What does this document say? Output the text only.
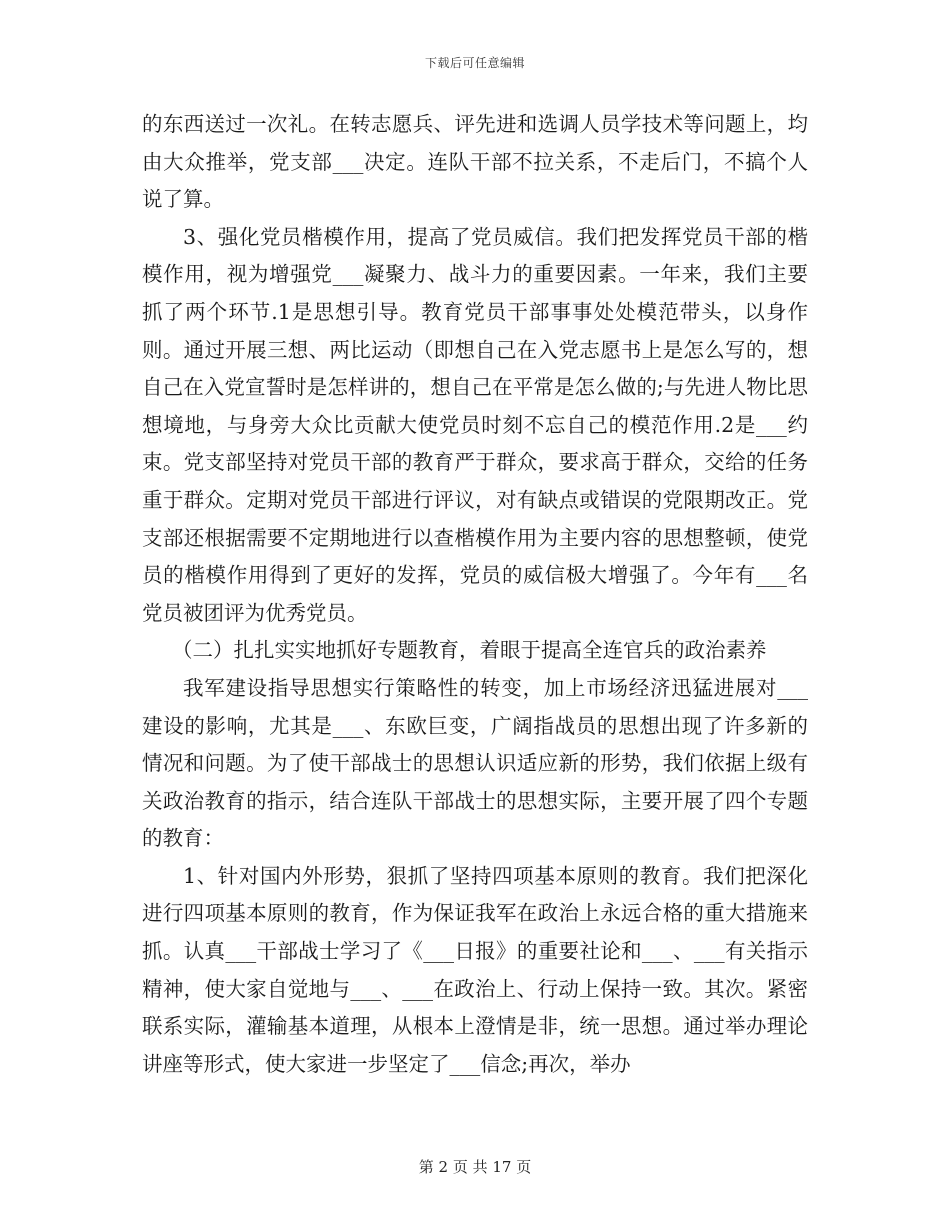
下载后可任意编辑

的东西送过一次礼。在转志愿兵、评先进和选调人员学技术等问题上，均由大众推举，党支部___决定。连队干部不拉关系，不走后门，不搞个人说了算。

3、强化党员楷模作用，提高了党员威信。我们把发挥党员干部的楷模作用，视为增强党___凝聚力、战斗力的重要因素。一年来，我们主要抓了两个环节.1是思想引导。教育党员干部事事处处模范带头，以身作则。通过开展三想、两比运动（即想自己在入党志愿书上是怎么写的，想自己在入党宣誓时是怎样讲的，想自己在平常是怎么做的;与先进人物比思想境地，与身旁大众比贡献大使党员时刻不忘自己的模范作用.2是___约束。党支部坚持对党员干部的教育严于群众，要求高于群众，交给的任务重于群众。定期对党员干部进行评议，对有缺点或错误的党限期改正。党支部还根据需要不定期地进行以查楷模作用为主要内容的思想整顿，使党员的楷模作用得到了更好的发挥，党员的威信极大增强了。今年有___名党员被团评为优秀党员。

（二）扎扎实实地抓好专题教育，着眼于提高全连官兵的政治素养

我军建设指导思想实行策略性的转变，加上市场经济迅猛进展对___建设的影响，尤其是___、东欧巨变，广阔指战员的思想出现了许多新的情况和问题。为了使干部战士的思想认识适应新的形势，我们依据上级有关政治教育的指示，结合连队干部战士的思想实际，主要开展了四个专题的教育：

1、针对国内外形势，狠抓了坚持四项基本原则的教育。我们把深化进行四项基本原则的教育，作为保证我军在政治上永远合格的重大措施来抓。认真___干部战士学习了《___日报》的重要社论和___、___有关指示精神，使大家自觉地与___、___在政治上、行动上保持一致。其次。紧密联系实际，灌输基本道理，从根本上澄情是非，统一思想。通过举办理论讲座等形式，使大家进一步坚定了___信念;再次，举办

第 2 页 共 17 页
